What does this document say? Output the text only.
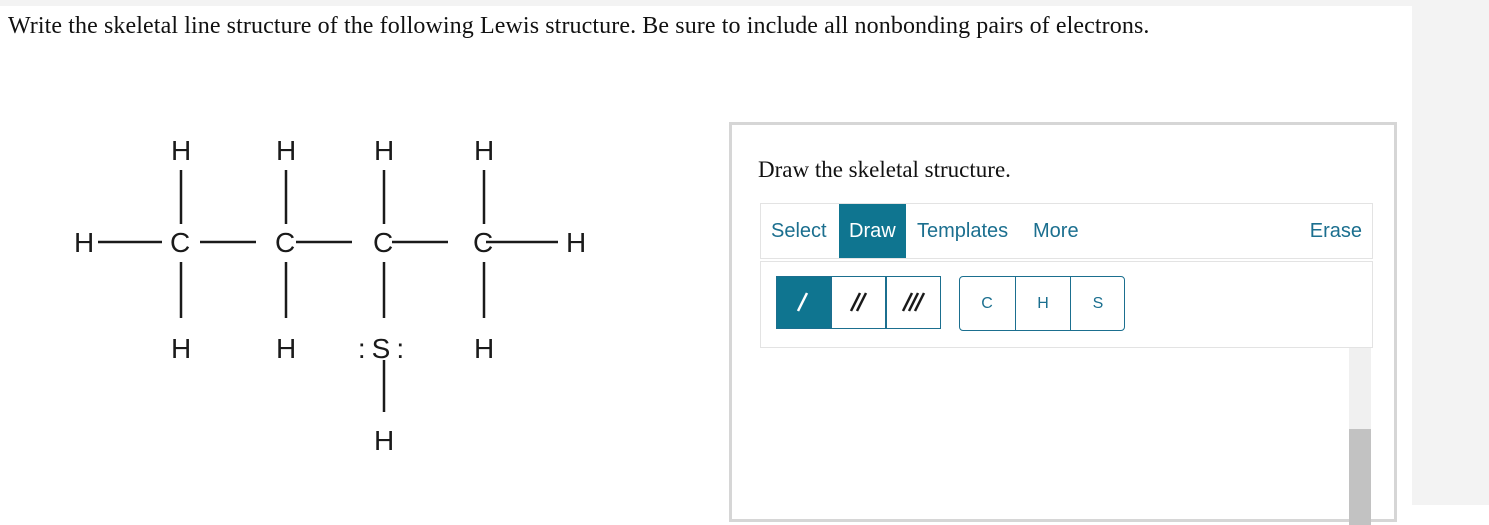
Write the skeletal line structure of the following Lewis structure. Be sure to include all nonbonding pairs of electrons.
H
H	H	H	H
C	C	C	C	H
H	H :S: H
H
Draw the skeletal structure.
Select	Draw	Templates	More	Erase
C	H	S
